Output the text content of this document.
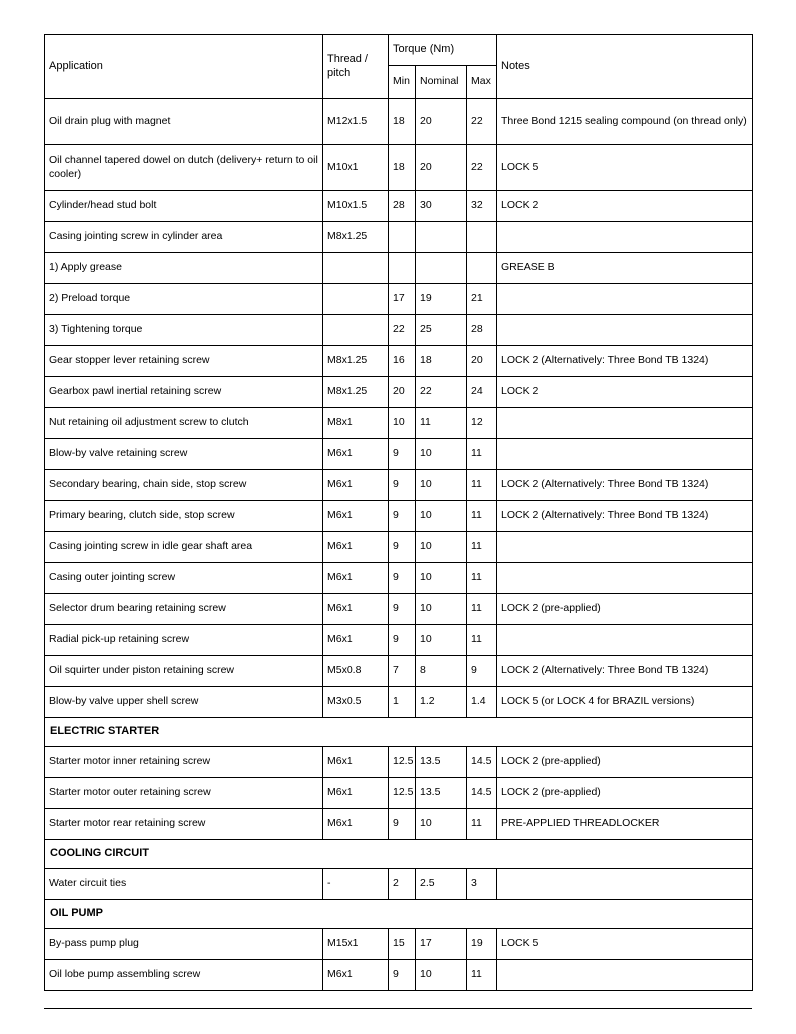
Application	Thread / pitch	Torque (Nm)			Notes
		Min	Nominal	Max	
Oil drain plug with magnet	M12x1.5	18	20	22	Three Bond 1215 sealing compound (on thread only)
Oil channel tapered dowel on dutch (delivery+ return to oil cooler)	M10x1	18	20	22	LOCK 5
Cylinder/head stud bolt	M10x1.5	28	30	32	LOCK 2
Casing jointing screw in cylinder area	M8x1.25				
1) Apply grease					GREASE B
2) Preload torque		17	19	21	
3) Tightening torque		22	25	28	
Gear stopper lever retaining screw	M8x1.25	16	18	20	LOCK 2 (Alternatively: Three Bond TB 1324)
Gearbox pawl inertial retaining screw	M8x1.25	20	22	24	LOCK 2
Nut retaining oil adjustment screw to clutch	M8x1	10	11	12	
Blow-by valve retaining screw	M6x1	9	10	11	
Secondary bearing, chain side, stop screw	M6x1	9	10	11	LOCK 2 (Alternatively: Three Bond TB 1324)
Primary bearing, clutch side, stop screw	M6x1	9	10	11	LOCK 2 (Alternatively: Three Bond TB 1324)
Casing jointing screw in idle gear shaft area	M6x1	9	10	11	
Casing outer jointing screw	M6x1	9	10	11	
Selector drum bearing retaining screw	M6x1	9	10	11	LOCK 2 (pre-applied)
Radial pick-up retaining screw	M6x1	9	10	11	
Oil squirter under piston retaining screw	M5x0.8	7	8	9	LOCK 2 (Alternatively: Three Bond TB 1324)
Blow-by valve upper shell screw	M3x0.5	1	1.2	1.4	LOCK 5 (or LOCK 4 for BRAZIL versions)
ELECTRIC STARTER					
Starter motor inner retaining screw	M6x1	12.5	13.5	14.5	LOCK 2 (pre-applied)
Starter motor outer retaining screw	M6x1	12.5	13.5	14.5	LOCK 2 (pre-applied)
Starter motor rear retaining screw	M6x1	9	10	11	PRE-APPLIED THREADLOCKER
COOLING CIRCUIT					
Water circuit ties	-	2	2.5	3	
OIL PUMP					
By-pass pump plug	M15x1	15	17	19	LOCK 5
Oil lobe pump assembling screw	M6x1	9	10	11	
